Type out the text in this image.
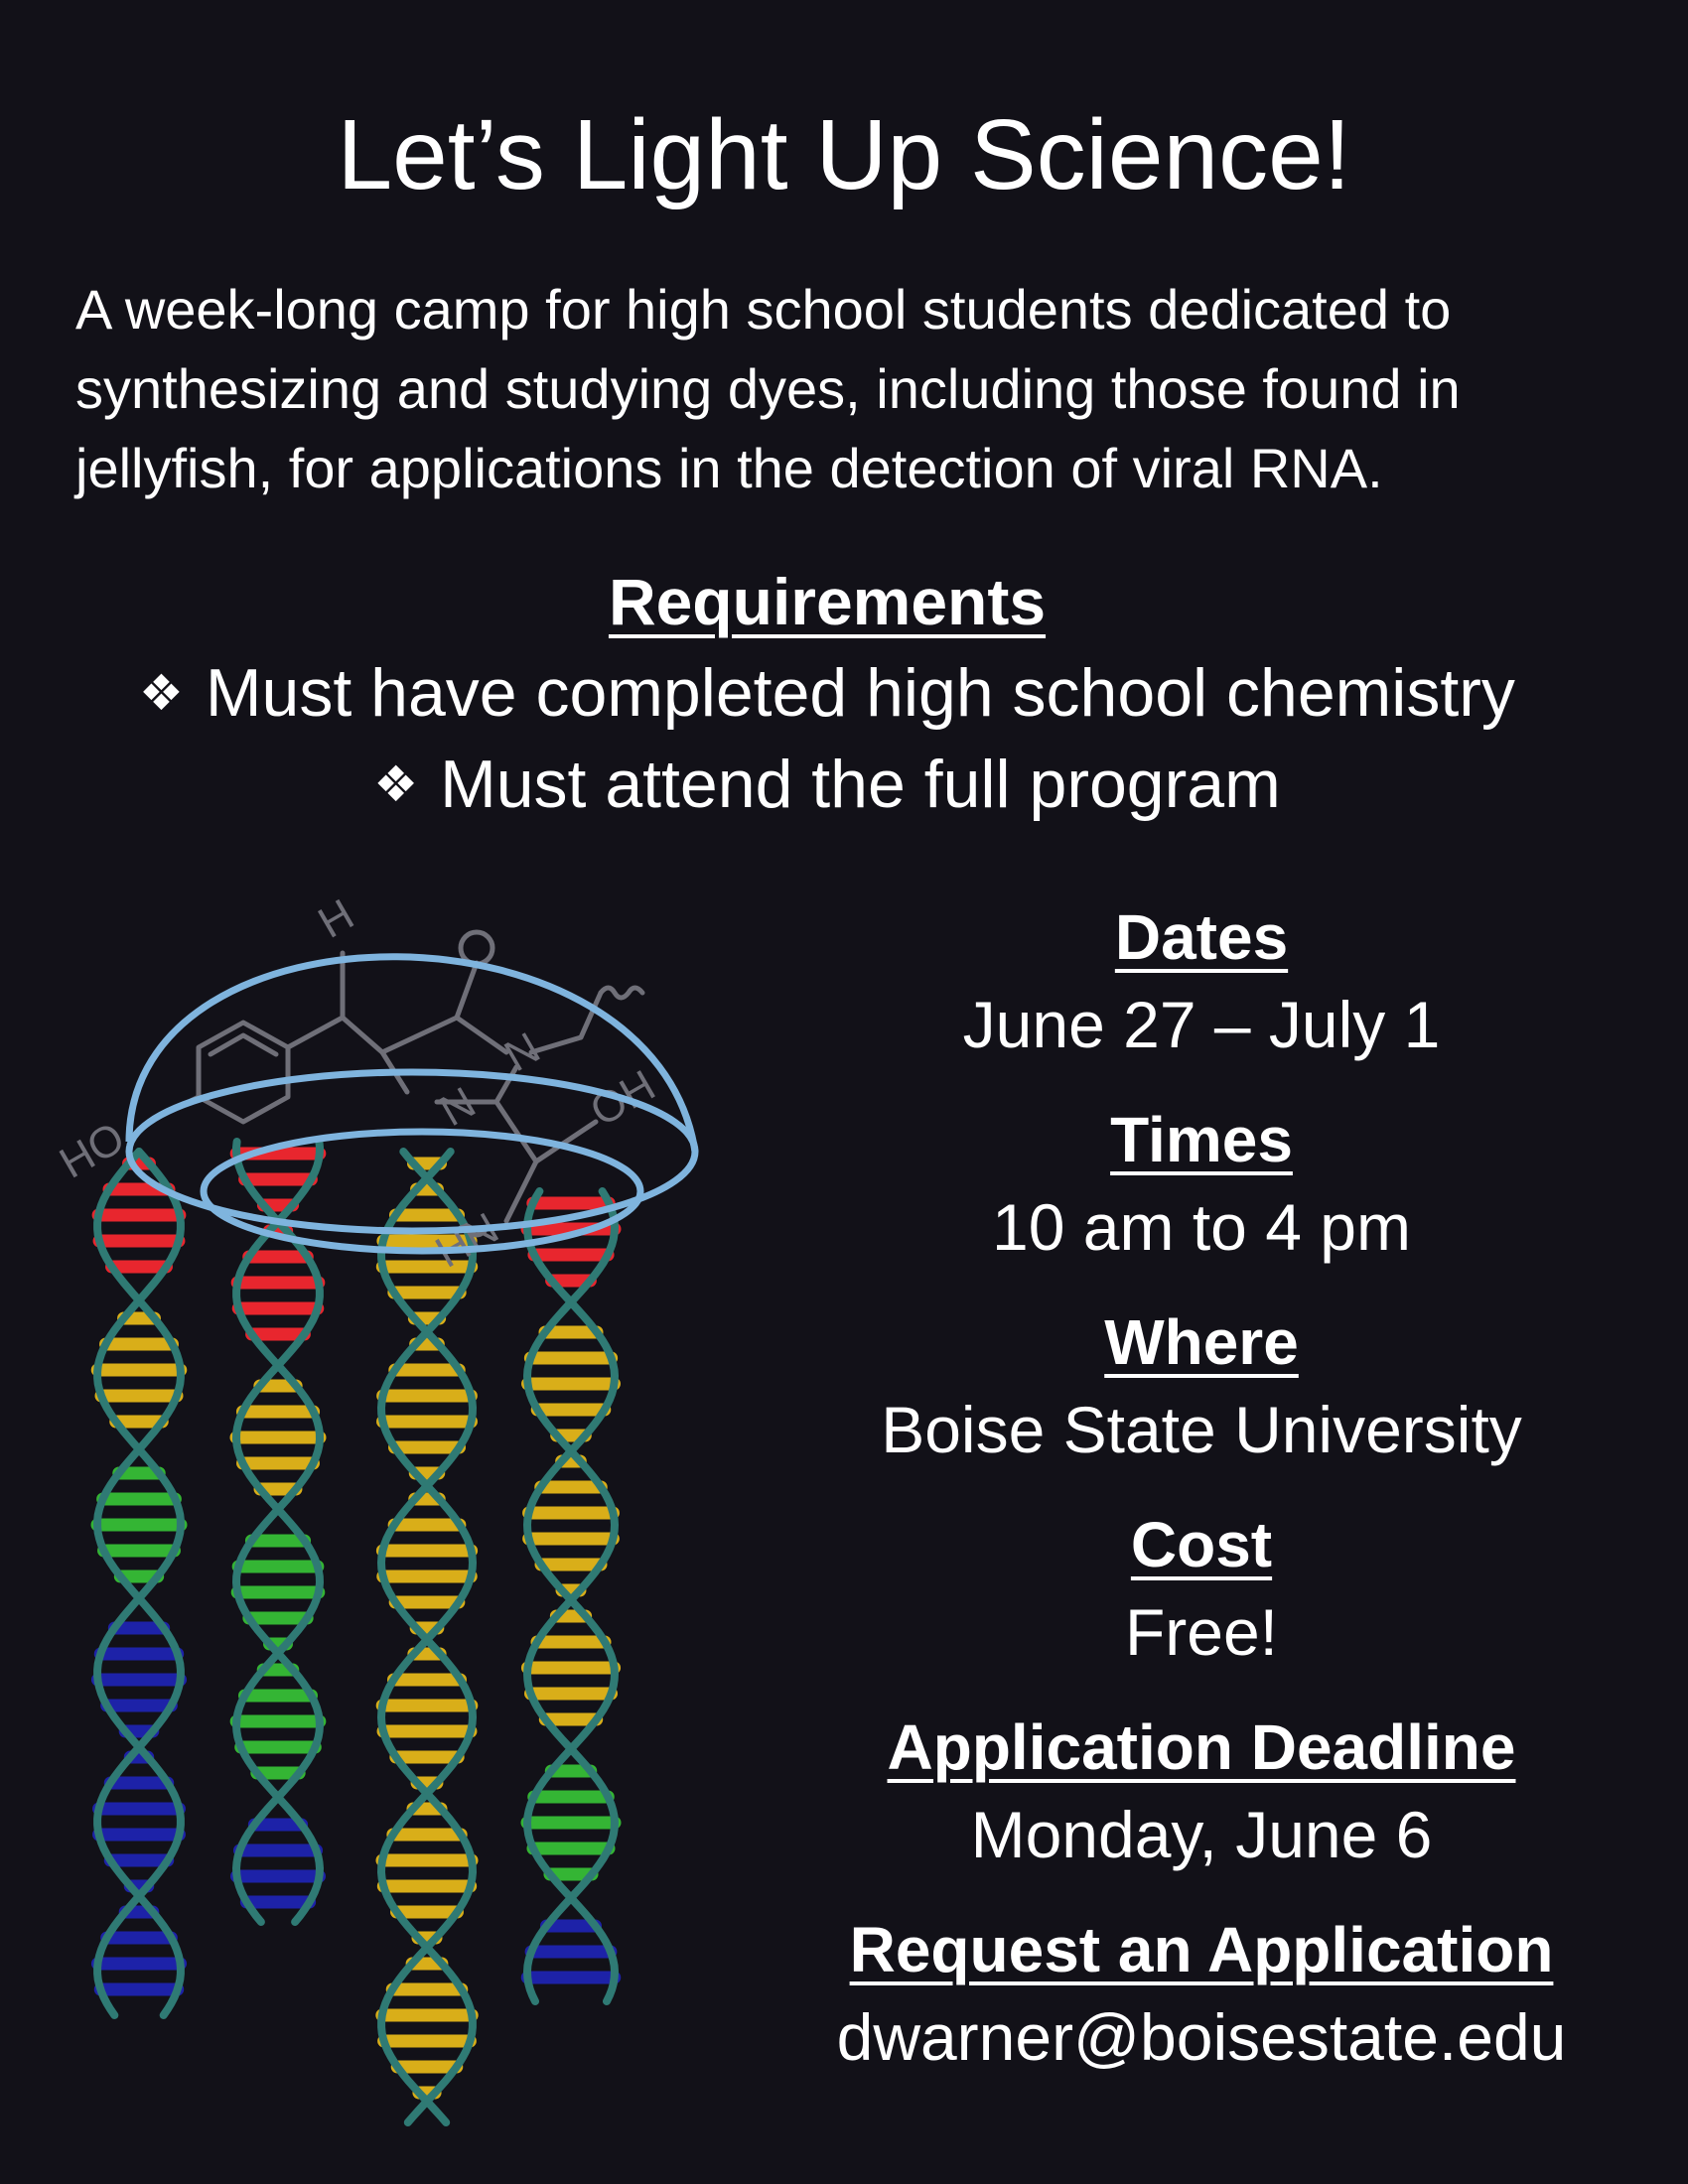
Let’s Light Up Science!

A week-long camp for high school students dedicated to synthesizing and studying dyes, including those found in jellyfish, for applications in the detection of viral RNA.

Requirements
❖ Must have completed high school chemistry
❖ Must attend the full program
H
N
N OH
HO
HN
Dates
June 27 – July 1
Times
10 am to 4 pm
Where
Boise State University
Cost
Free!
Application Deadline
Monday, June 6
Request an Application
dwarner@boisestate.edu
